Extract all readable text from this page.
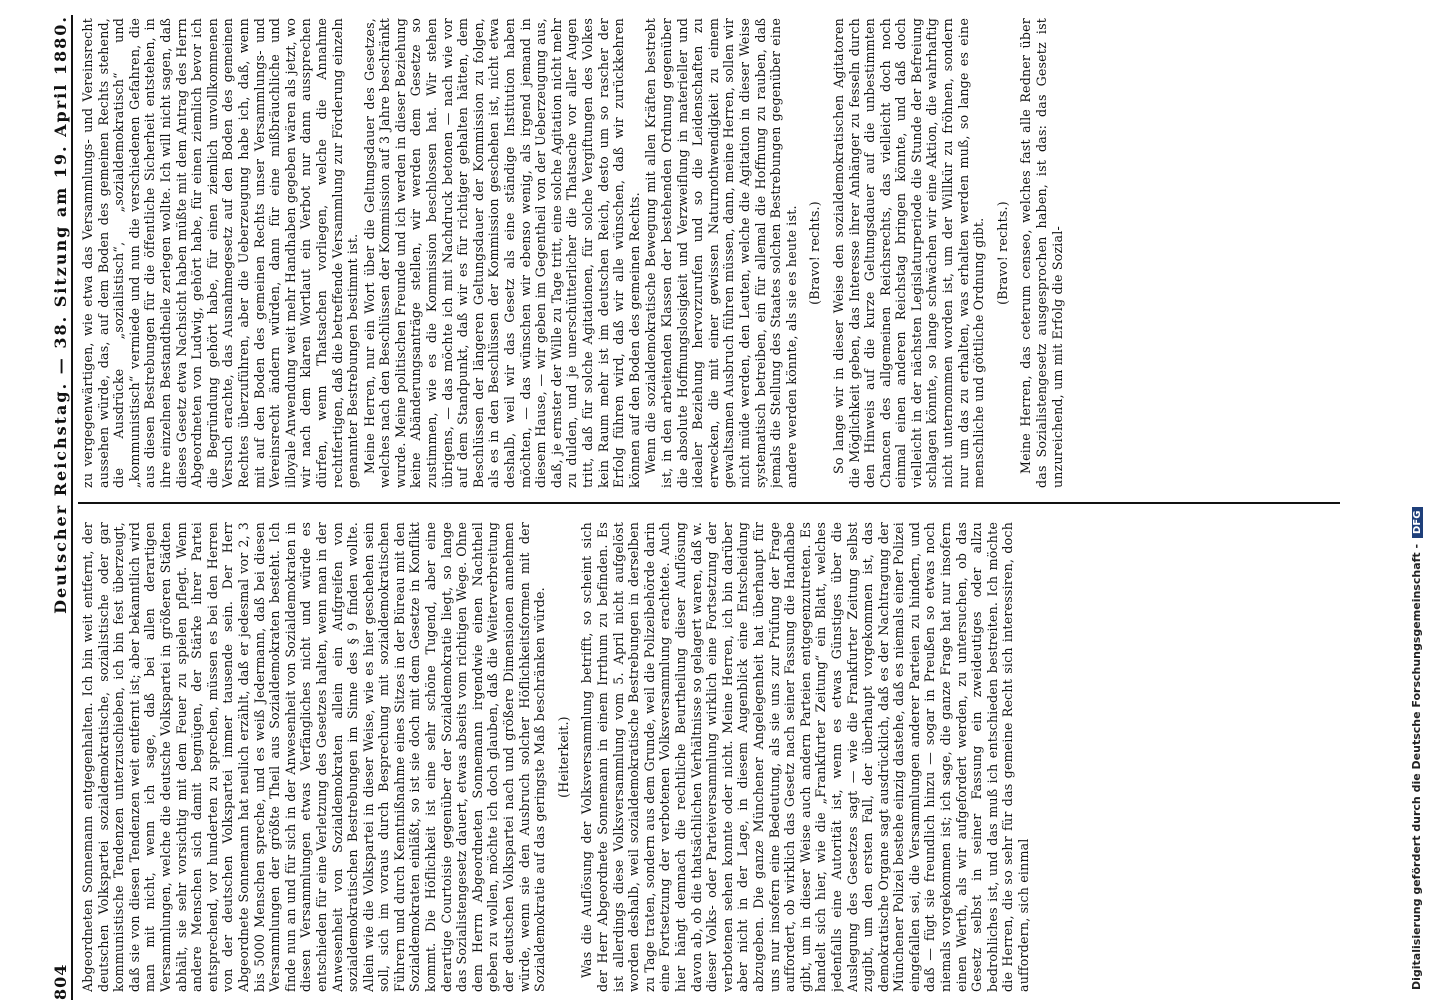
804
Deutscher Reichstag. — 38. Sitzung am 19. April 1880.

Abgeordneten Sonnemann entgegenhalten. Ich bin weit entfernt, der deutschen Volkspartei sozialdemokratische, sozialistische oder gar kommunistische Tendenzen unterzuschieben, ich bin fest überzeugt, daß sie von diesen Tendenzen weit entfernt ist; aber bekanntlich wird man mit nicht, wenn ich sage, daß bei allen derartigen Versammlungen, welche die deutsche Volkspartei in größeren Städten abhält, sie sehr vorsichtig mit dem Feuer zu spielen pflegt. Wenn andere Menschen sich damit begnügen, der Stärke ihrer Partei entsprechend, vor hunderten zu sprechen, müssen es bei den Herren von der deutschen Volkspartei immer tausende sein. Der Herr Abgeordnete Sonnemann hat neulich erzählt, daß er jedesmal vor 2, 3 bis 5000 Menschen spreche, und es weiß Jedermann, daß bei diesen Versammlungen der größte Theil aus Sozialdemokraten besteht. Ich finde nun an und für sich in der Anwesenheit von Sozialdemokraten in diesen Versammlungen etwas Verfängliches nicht und würde es entschieden für eine Verletzung des Gesetzes halten, wenn man in der Anwesenheit von Sozialdemokraten allein ein Aufgreifen von sozialdemokratischen Bestrebungen im Sinne des § 9 finden wollte. Allein wie die Volkspartei in dieser Weise, wie es hier geschehen sein soll, sich im voraus durch Besprechung mit sozialdemokratischen Führern und durch Kenntnißnahme eines Sitzes in der Büreau mit den Sozialdemokraten einläßt, so ist sie doch mit dem Gesetze in Konflikt kommt. Die Höflichkeit ist eine sehr schöne Tugend, aber eine derartige Courtoisie gegenüber der Sozialdemokratie liegt, so lange das Sozialistengesetz dauert, etwas abseits vom richtigen Wege. Ohne dem Herrn Abgeordneten Sonnemann irgendwie einen Nachtheil geben zu wollen, möchte ich doch glauben, daß die Weiterverbreitung der deutschen Volkspartei nach und größere Dimensionen annehmen würde, wenn sie den Ausbruch solcher Höflichkeitsformen mit der Sozialdemokratie auf das geringste Maß beschränken würde. (Heiterkeit.) Was die Auflösung der Volksversammlung betrifft, so scheint sich der Herr Abgeordnete Sonnemann in einem Irrthum zu befinden. Es ist allerdings diese Volksversammlung vom 5. April nicht aufgelöst worden deshalb, weil sozialdemokratische Bestrebungen in derselben zu Tage traten, sondern aus dem Grunde, weil die Polizeibehörde darin eine Fortsetzung der verbotenen Volksversammlung erachtete. Auch hier hängt demnach die rechtliche Beurtheilung dieser Auflösung davon ab, ob die thatsächlichen Verhältnisse so gelagert waren, daß w. dieser Volks- oder Parteiversammlung wirklich eine Fortsetzung der verbotenen sehen konnte oder nicht. Meine Herren, ich bin darüber aber nicht in der Lage, in diesem Augenblick eine Entscheidung abzugeben. Die ganze Münchener Angelegenheit hat überhaupt für uns nur insofern eine Bedeutung, als sie uns zur Prüfung der Frage auffordert, ob wirklich das Gesetz nach seiner Fassung die Handhabe gibt, um in dieser Weise auch andern Parteien entgegenzutreten. Es handelt sich hier, wie die „Frankfurter Zeitung“ ein Blatt, welches jedenfalls eine Autorität ist, wenn es etwas Günstiges über die Auslegung des Gesetzes sagt — wie die Frankfurter Zeitung selbst zugibt, um den ersten Fall, der überhaupt vorgekommen ist, das demokratische Organe sagt ausdrücklich, daß es der Nachtragung der Münchener Polizei bestehe einzig dastehe, daß es niemals einer Polizei eingefallen sei, die Versammlungen anderer Parteien zu hindern, und daß — fügt sie freundlich hinzu — sogar in Preußen so etwas noch niemals vorgekommen ist; ich sage, die ganze Frage hat nur insofern einen Werth, als wir aufgefordert werden, zu untersuchen, ob das Gesetz selbst in seiner Fassung ein zweideutiges oder allzu bedrohliches ist, und das muß ich entschieden bestreiten. Ich möchte die Herren, die so sehr für das gemeine Recht sich interessiren, doch auffordern, sich einmal

zu vergegenwärtigen, wie etwa das Versammlungs- und Vereinsrecht aussehen würde, das, auf dem Boden des gemeinen Rechts stehend, die Ausdrücke „sozialistisch“, „sozialdemokratisch“ und „kommunistisch“ vermiede und nun die verschiedenen Gefahren, die aus diesen Bestrebungen für die öffentliche Sicherheit entstehen, in ihre einzelnen Bestandtheile zerlegen wollte. Ich will nicht sagen, daß dieses Gesetz etwa Nachsicht haben müßte mit dem Antrag des Herrn Abgeordneten von Ludwig, gehört habe, für einen ziemlich bevor ich die Begründung gehört habe, für einen ziemlich unvollkommenen Versuch erachte, das Ausnahmegesetz auf den Boden des gemeinen Rechtes überzuführen, aber die Ueberzeugung habe ich, daß, wenn mit auf den Boden des gemeinen Rechts unser Versammlungs- und Vereinsrecht ändern würden, dann für eine mißbräuchliche und illoyale Anwendung weit mehr Handhaben gegeben wären als jetzt, wo wir nach dem klaren Wortlaut ein Verbot nur dann aussprechen dürfen, wenn Thatsachen vorliegen, welche die Annahme rechtfertigen, daß die betreffende Versammlung zur Förderung einzeln genannter Bestrebungen bestimmt ist. Meine Herren, nur ein Wort über die Geltungsdauer des Gesetzes, welches nach den Beschlüssen der Kommission auf 3 Jahre beschränkt wurde. Meine politischen Freunde und ich werden in dieser Beziehung keine Abänderungsanträge stellen, wir werden dem Gesetze so zustimmen, wie es die Kommission beschlossen hat. Wir stehen übrigens, — das möchte ich mit Nachdruck betonen — nach wie vor auf dem Standpunkt, daß wir es für richtiger gehalten hätten, dem Beschlüssen der längeren Geltungsdauer der Kommission zu folgen, als es in den Beschlüssen der Kommission geschehen ist, nicht etwa deshalb, weil wir das Gesetz als eine ständige Institution haben möchten, — das wünschen wir ebenso wenig, als irgend jemand in diesem Hause, — wir geben im Gegentheil von der Ueberzeugung aus, daß, je ernster der Wille zu Tage tritt, eine solche Agitation nicht mehr zu dulden, und je unerschütterlicher die Thatsache vor aller Augen tritt, daß für solche Agitationen, für solche Vergiftungen des Volkes kein Raum mehr ist im deutschen Reich, desto um so rascher der Erfolg führen wird, daß wir alle wünschen, daß wir zurückkehren können auf den Boden des gemeinen Rechts. Wenn die sozialdemokratische Bewegung mit allen Kräften bestrebt ist, in den arbeitenden Klassen der bestehenden Ordnung gegenüber die absolute Hoffnungslosigkeit und Verzweiflung in materieller und idealer Beziehung hervorzurufen und so die Leidenschaften zu erwecken, die mit einer gewissen Naturnothwendigkeit zu einem gewaltsamen Ausbruch führen müssen, dann, meine Herren, sollen wir nicht müde werden, den Leuten, welche die Agitation in dieser Weise systematisch betreiben, ein für allemal die Hoffnung zu rauben, daß jemals die Stellung des Staates solchen Bestrebungen gegenüber eine andere werden könnte, als sie es heute ist. (Bravo! rechts.) So lange wir in dieser Weise den sozialdemokratischen Agitatoren die Möglichkeit geben, das Interesse ihrer Anhänger zu fesseln durch den Hinweis auf die kurze Geltungsdauer auf die unbestimmten Chancen des allgemeinen Reichsrechts, das vielleicht doch noch einmal einen anderen Reichstag bringen könnte, und daß doch vielleicht in der nächsten Legislaturperiode die Stunde der Befreiung schlagen könnte, so lange schwächen wir eine Aktion, die wahrhaftig nicht unternommen worden ist, um der Willkür zu fröhnen, sondern nur um das zu erhalten, was erhalten werden muß, so lange es eine menschliche und göttliche Ordnung gibt. (Bravo! rechts.) Meine Herren, das ceterum censeo, welches fast alle Redner über das Sozialistengesetz ausgesprochen haben, ist das: das Gesetz ist unzureichend, um mit Erfolg die Sozial-

Digitalisierung gefördert durch die Deutsche Forschungsgemeinschaft -DFG
